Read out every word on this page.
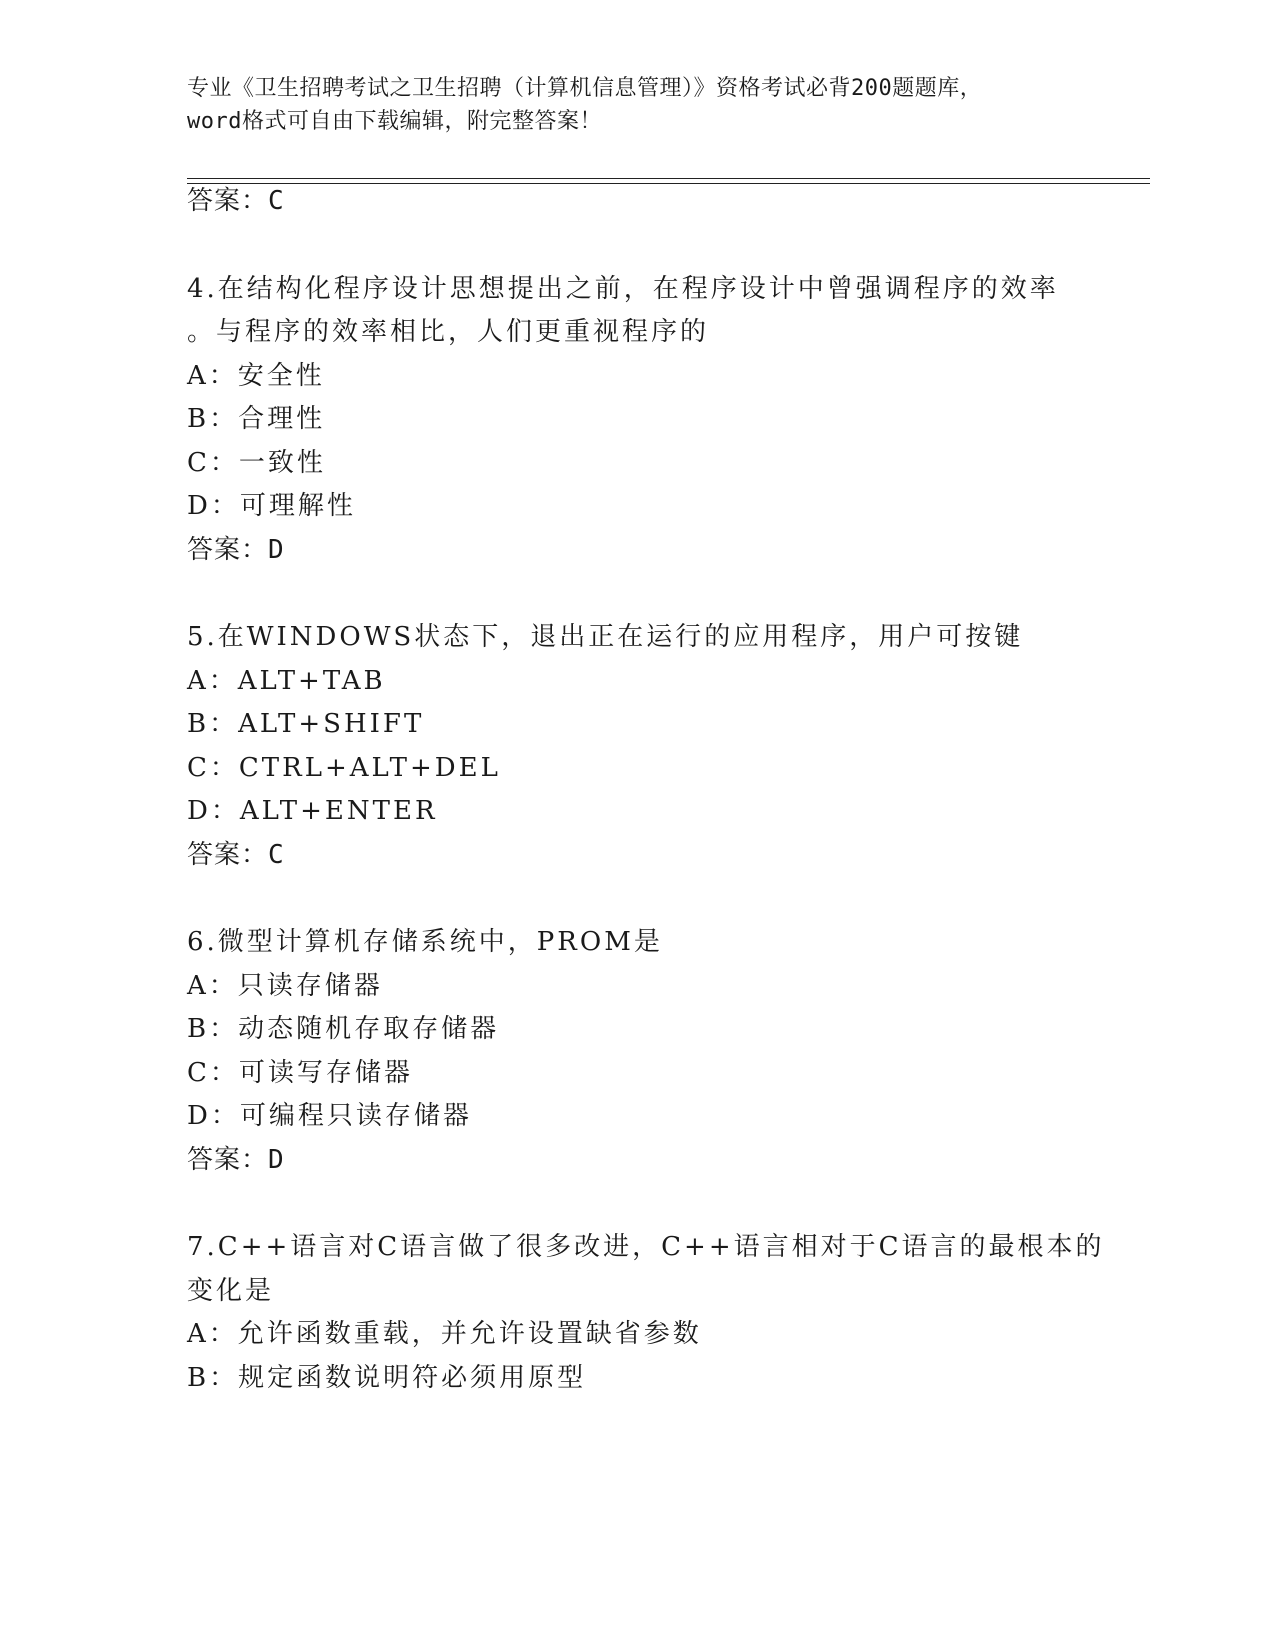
专业《卫生招聘考试之卫生招聘（计算机信息管理）》资格考试必背200题题库，
word格式可自由下载编辑，附完整答案！
答案：C
4.在结构化程序设计思想提出之前，在程序设计中曾强调程序的效率
。与程序的效率相比，人们更重视程序的
A：安全性
B：合理性
C：一致性
D：可理解性
答案：D
5.在WINDOWS状态下，退出正在运行的应用程序，用户可按键
A：ALT+TAB
B：ALT+SHIFT
C：CTRL+ALT+DEL
D：ALT+ENTER
答案：C
6.微型计算机存储系统中，PROM是
A：只读存储器
B：动态随机存取存储器
C：可读写存储器
D：可编程只读存储器
答案：D
7.C++语言对C语言做了很多改进，C++语言相对于C语言的最根本的
变化是
A：允许函数重载，并允许设置缺省参数
B：规定函数说明符必须用原型
